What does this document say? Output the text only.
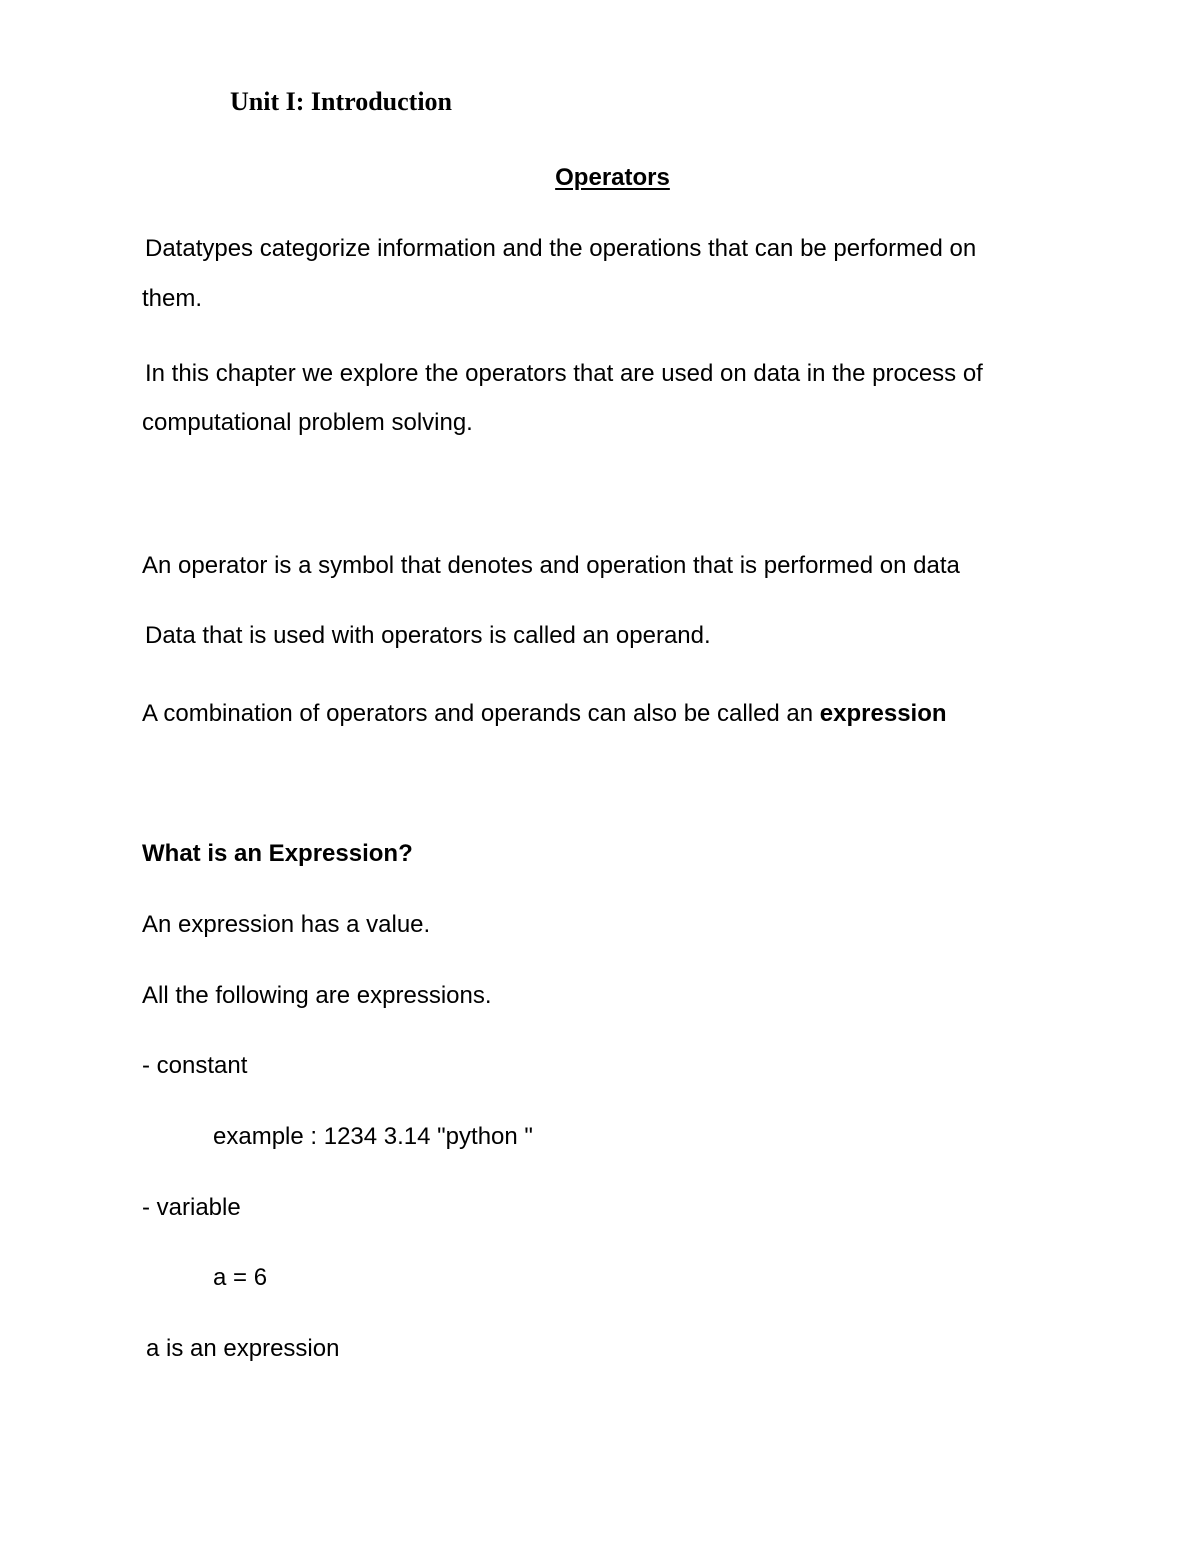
Unit I: Introduction
Operators
Datatypes categorize information and the operations that can be performed on
them.
In this chapter we explore the operators that are used on data in the process of
computational problem solving.
An operator is a symbol that denotes and operation that is performed on data
Data that is used with operators is called an operand.
A combination of operators and operands can also be called an expression
What is an Expression?
An expression has a value.
All the following are expressions.
- constant
example : 1234 3.14 "python "
- variable
a = 6
a is an expression
